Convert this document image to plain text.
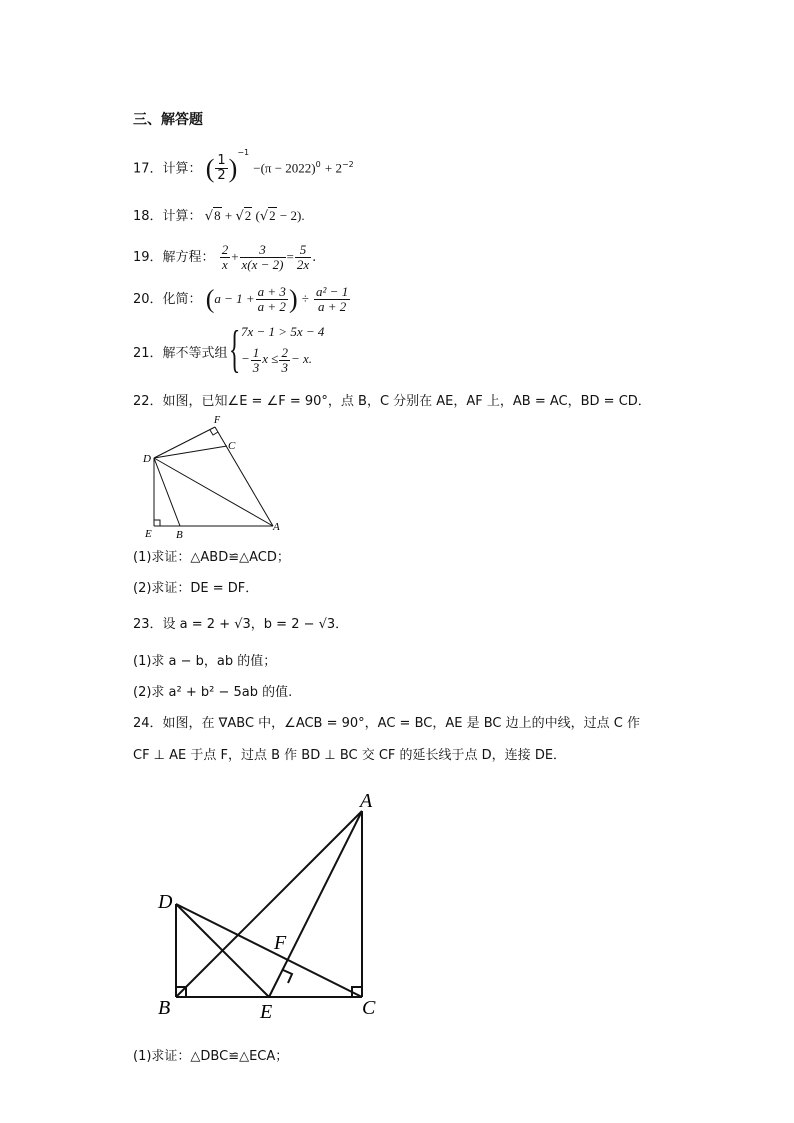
三、解答题
17．计算： ( $\frac{1}{2} )^{-1} -(\pi - 2022)^0 + 2^{-2}$
18．计算： √8 + √2 (√2 − 2).
19．解方程： $\frac{2}{x} + \frac{3}{x(x - 2)} = \frac{5}{2x}$ .
20．化简： ($a - 1 + \frac{a + 3}{a + 2}$ ) ÷ $\frac{\text{a² − 1}}{a + 2}$
21．解不等式组 { 7x − 1 > 5x − 4
− $\frac{1}{3}$ $x \le \frac{2}{3} - x$.
22．如图，已知∠E = ∠F = 90°，点 B，C 分别在 AE，AF 上，AB = AC，BD = CD．
D
F
C
E B
A
(1)求证：△ABD≌△ACD；
(2)求证：DE = DF．
23．设 a = 2 + √3，b = 2 − √3．
(1)求 a − b，ab 的值；
(2)求 a² + b² − 5ab 的值.
24．如图，在 ∇ABC 中，∠ACB = 90°，AC = BC，AE 是 BC 边上的中线，过点 C 作
CF ⊥ AE 于点 F，过点 B 作 BD ⊥ BC 交 CF 的延长线于点 D，连接 DE．
A
D
F
B	E	C
(1)求证：△DBC≌△ECA；
